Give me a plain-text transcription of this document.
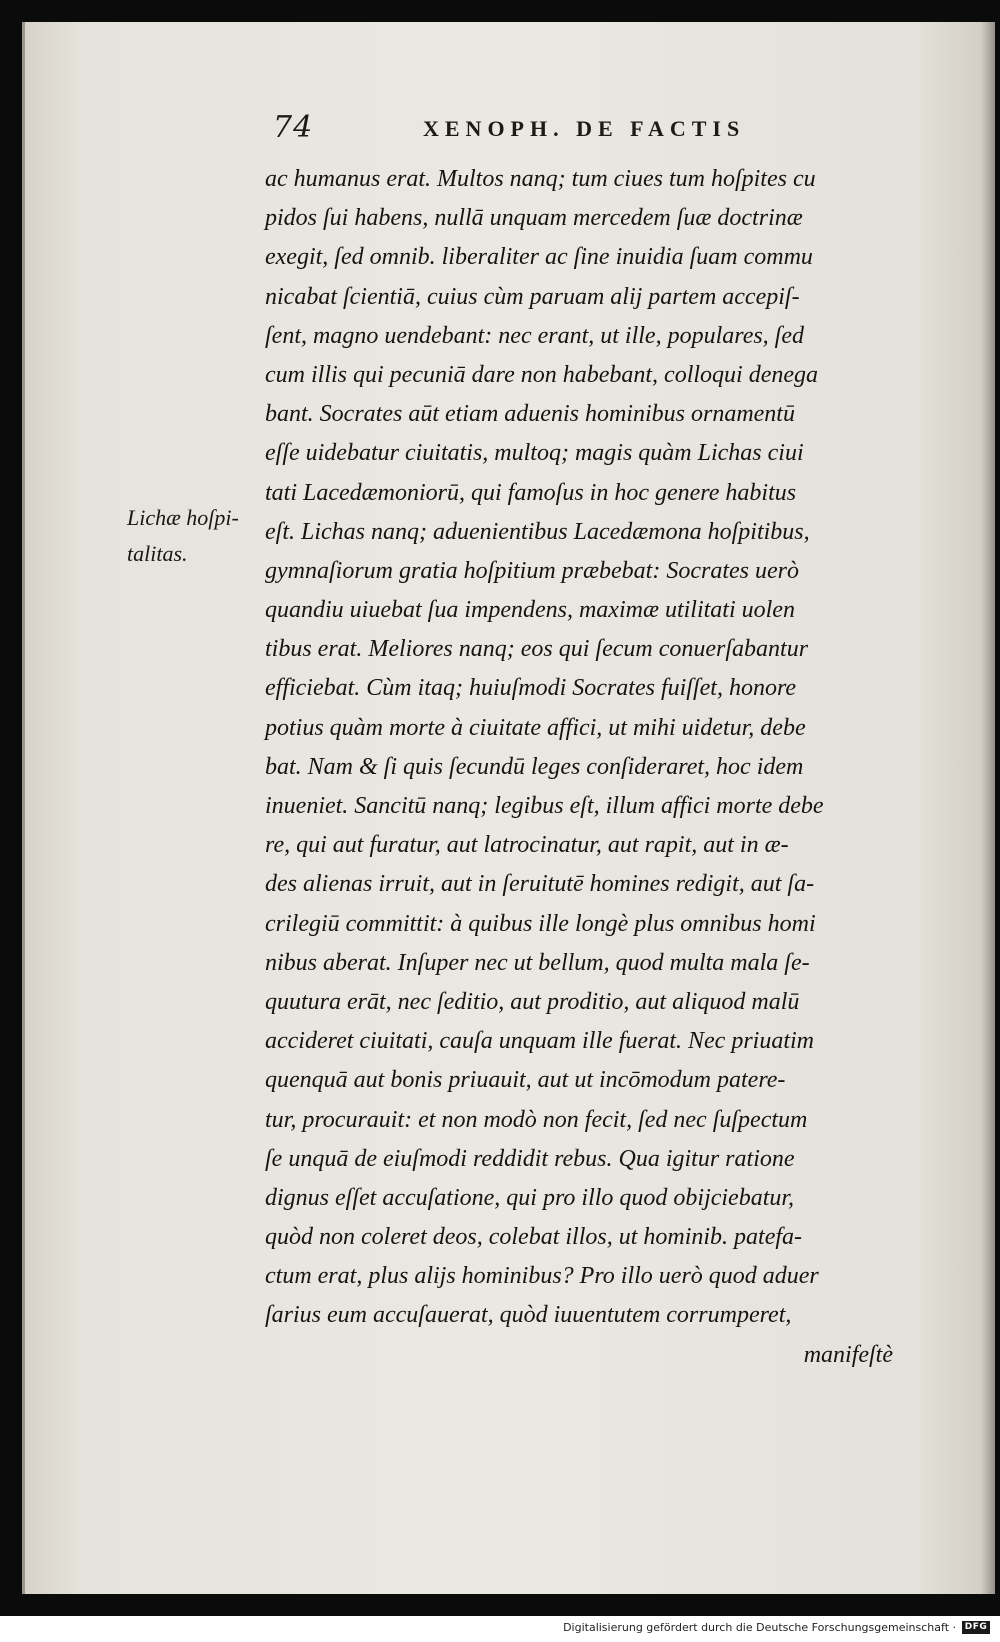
74	XENOPH. DE FACTIS
Lichæ hoſpi-
talitas.
ac humanus erat. Multos nanq; tum ciues tum hoſpites cu
pidos ſui habens, nullā unquam mercedem ſuæ doctrinæ
exegit, ſed omnib. liberaliter ac ſine inuidia ſuam commu
nicabat ſcientiā, cuius cùm paruam alij partem accepiſ-
ſent, magno uendebant: nec erant, ut ille, populares, ſed
cum illis qui pecuniā dare non habebant, colloqui denega
bant. Socrates aūt etiam aduenis hominibus ornamentū
eſſe uidebatur ciuitatis, multoq; magis quàm Lichas ciui
tati Lacedæmoniorū, qui famoſus in hoc genere habitus
eſt. Lichas nanq; aduenientibus Lacedæmona hoſpitibus,
gymnaſiorum gratia hoſpitium præbebat: Socrates uerò
quandiu uiuebat ſua impendens, maximæ utilitati uolen
tibus erat. Meliores nanq; eos qui ſecum conuerſabantur
efficiebat. Cùm itaq; huiuſmodi Socrates fuiſſet, honore
potius quàm morte à ciuitate affici, ut mihi uidetur, debe
bat. Nam & ſi quis ſecundū leges conſideraret, hoc idem
inueniet. Sancitū nanq; legibus eſt, illum affici morte debe
re, qui aut furatur, aut latrocinatur, aut rapit, aut in æ-
des alienas irruit, aut in ſeruitutē homines redigit, aut ſa-
crilegiū committit: à quibus ille longè plus omnibus homi
nibus aberat. Inſuper nec ut bellum, quod multa mala ſe-
quutura erāt, nec ſeditio, aut proditio, aut aliquod malū
accideret ciuitati, cauſa unquam ille fuerat. Nec priuatim
quenquā aut bonis priuauit, aut ut incōmodum patere-
tur, procurauit: et non modò non fecit, ſed nec ſuſpectum
ſe unquā de eiuſmodi reddidit rebus. Qua igitur ratione
dignus eſſet accuſatione, qui pro illo quod obijciebatur,
quòd non coleret deos, colebat illos, ut hominib. patefa-
ctum erat, plus alijs hominibus? Pro illo uerò quod aduer
ſarius eum accuſauerat, quòd iuuentutem corrumperet,
manifeſtè
Digitalisierung gefördert durch die Deutsche Forschungsgemeinschaft · DFG
